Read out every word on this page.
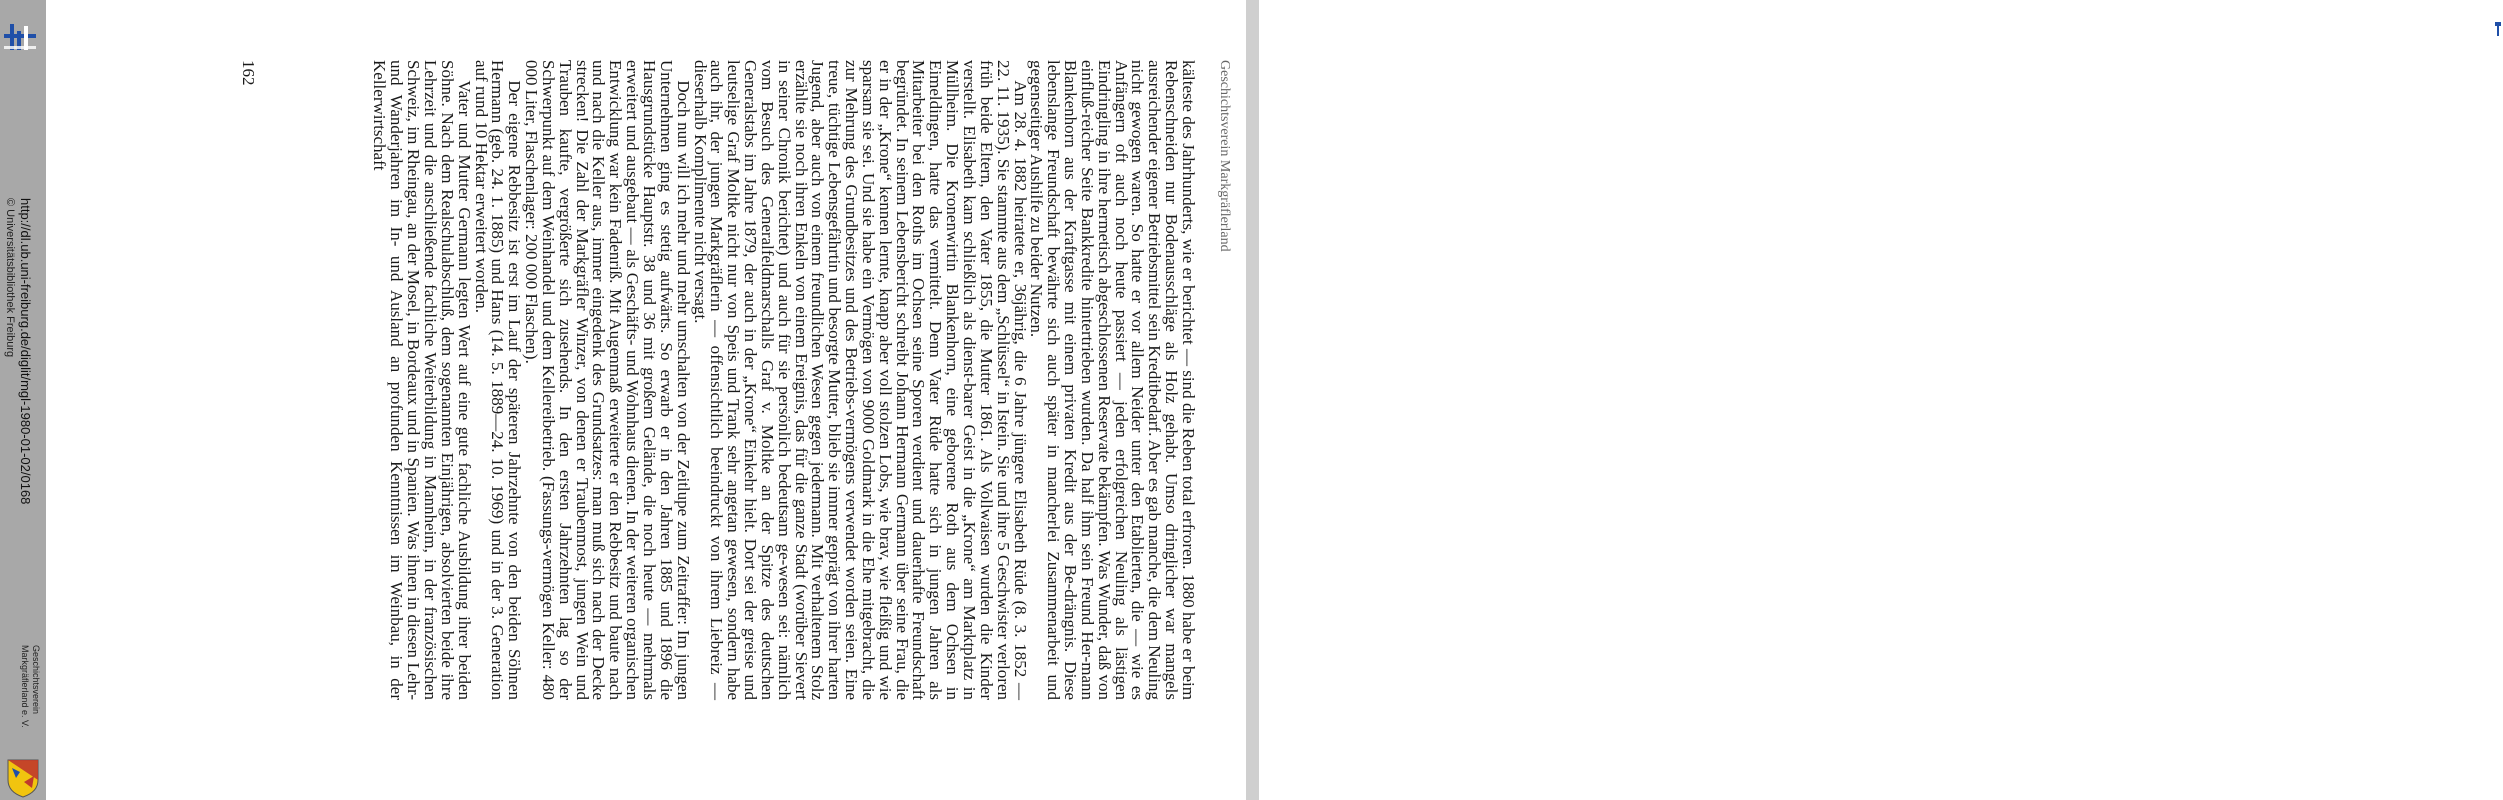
http://dl.ub.uni-freiburg.de/diglit/mgl-1980-01-02/0168
© Universitätsbibliothek Freiburg
Geschichtsverein
Markgräflerland e. V.
Geschichtsverein Markgräflerland

kälteste des Jahrhunderts, wie er berichtet — sind die Reben total erfroren. 1880 habe er beim Rebenschneiden nur Bodenausschläge als Holz gehabt. Umso dringlicher war mangels ausreichender eigener Betriebsmittel sein Kreditbedarf. Aber es gab manche, die dem Neuling nicht gewogen waren. So hatte er vor allem Neider unter den Etablierten, die — wie es Anfängern oft auch noch heute passiert — jeden erfolgreichen Neuling als lästigen Eindringling in ihre hermetisch abgeschlossenen Reservate bekämpfen. Was Wunder, daß von einfluß-reicher Seite Bankkredite hintertrieben wurden. Da half ihm sein Freund Her-mann Blankenhorn aus der Kraftgasse mit einem privaten Kredit aus der Be-drängnis. Diese lebenslange Freundschaft bewährte sich auch später in mancherlei Zusammenarbeit und gegenseitiger Aushilfe zu beider Nutzen.

Am 28. 4. 1882 heiratete er, 36jährig, die 6 Jahre jüngere Elisabeth Rüde (8. 3. 1852 — 22. 11. 1935). Sie stammte aus dem „Schlüssel“ in Istein. Sie und ihre 5 Geschwister verloren früh beide Eltern, den Vater 1855, die Mutter 1861. Als Vollwaisen wurden die Kinder verstellt. Elisabeth kam schließlich als dienst-barer Geist in die „Krone“ am Marktplatz in Müllheim. Die Kronenwirtin Blankenhorn, eine geborene Roth aus dem Ochsen in Eimeldingen, hatte das vermittelt. Denn Vater Rüde hatte sich in jungen Jahren als Mitarbeiter bei den Roths im Ochsen seine Sporen verdient und dauerhafte Freundschaft begründet. In seinem Lebensbericht schreibt Johann Hermann Germann über seine Frau, die er in der „Krone“ kennen lernte, knapp aber voll stolzen Lobs, wie brav, wie fleißig und wie sparsam sie sei. Und sie habe ein Vermögen von 9000 Goldmark in die Ehe mitgebracht, die zur Mehrung des Grundbesitzes und des Betriebs-vermögens verwendet worden seien. Eine treue, tüchtige Lebensgefährtin und besorgte Mutter, blieb sie immer geprägt von ihrer harten Jugend, aber auch von einem freundlichen Wesen gegen jedermann. Mit verhaltenem Stolz erzählte sie noch ihren Enkeln von einem Ereignis, das für die ganze Stadt (worüber Sievert in seiner Chronik berichtet) und auch für sie persönlich bedeutsam ge-wesen sei: nämlich vom Besuch des Generalfeldmarschalls Graf v. Moltke an der Spitze des deutschen Generalstabs im Jahre 1879, der auch in der „Krone“ Einkehr hielt. Dort sei der greise und leutselige Graf Moltke nicht nur von Speis und Trank sehr angetan gewesen, sondern habe auch ihr, der jungen Markgräflerin — offensichtlich beeindruckt von ihrem Liebreiz — dieserhalb Komplimente nicht versagt.

Doch nun will ich mehr und mehr umschalten von der Zeitlupe zum Zeitraffer: Im jungen Unternehmen ging es stetig aufwärts. So erwarb er in den Jahren 1885 und 1896 die Hausgrundstücke Hauptstr. 38 und 36 mit großem Gelände, die noch heute — mehrmals erweitert und ausgebaut — als Geschäfts- und Wohnhaus dienen. In der weiteren organischen Entwicklung war kein Fadenriß. Mit Augenmaß erweiterte er den Rebbesitz und baute nach und nach die Keller aus, immer eingedenk des Grundsatzes: man muß sich nach der Decke strecken! Die Zahl der Markgräfler Winzer, von denen er Traubenmost, jungen Wein und Trauben kaufte, vergrößerte sich zusehends. In den ersten Jahrzehnten lag so der Schwerpunkt auf dem Weinhandel und dem Kellereibetrieb. (Fassungs-vermögen Keller: 480 000 Liter, Flaschenlager: 200 000 Flaschen).

Der eigene Rebbesitz ist erst im Lauf der späteren Jahrzehnte von den beiden Söhnen Hermann (geb. 24. 1. 1885) und Hans (14. 5. 1889—24. 10. 1969) und in der 3. Generation auf rund 10 Hektar erweitert worden.

Vater und Mutter Germann legten Wert auf eine gute fachliche Ausbildung ihrer beiden Söhne. Nach dem Realschulabschluß, dem sogenannten Einjährigen, absolvierten beide ihre Lehrzeit und die anschließende fachliche Weiterbildung in Mannheim, in der französischen Schweiz, im Rheingau, an der Mosel, in Bordeaux und in Spanien. Was ihnen in diesen Lehr- und Wanderjahren im In- und Ausland an profunden Kenntnissen im Weinbau, in der Kellerwirtschaft

162
